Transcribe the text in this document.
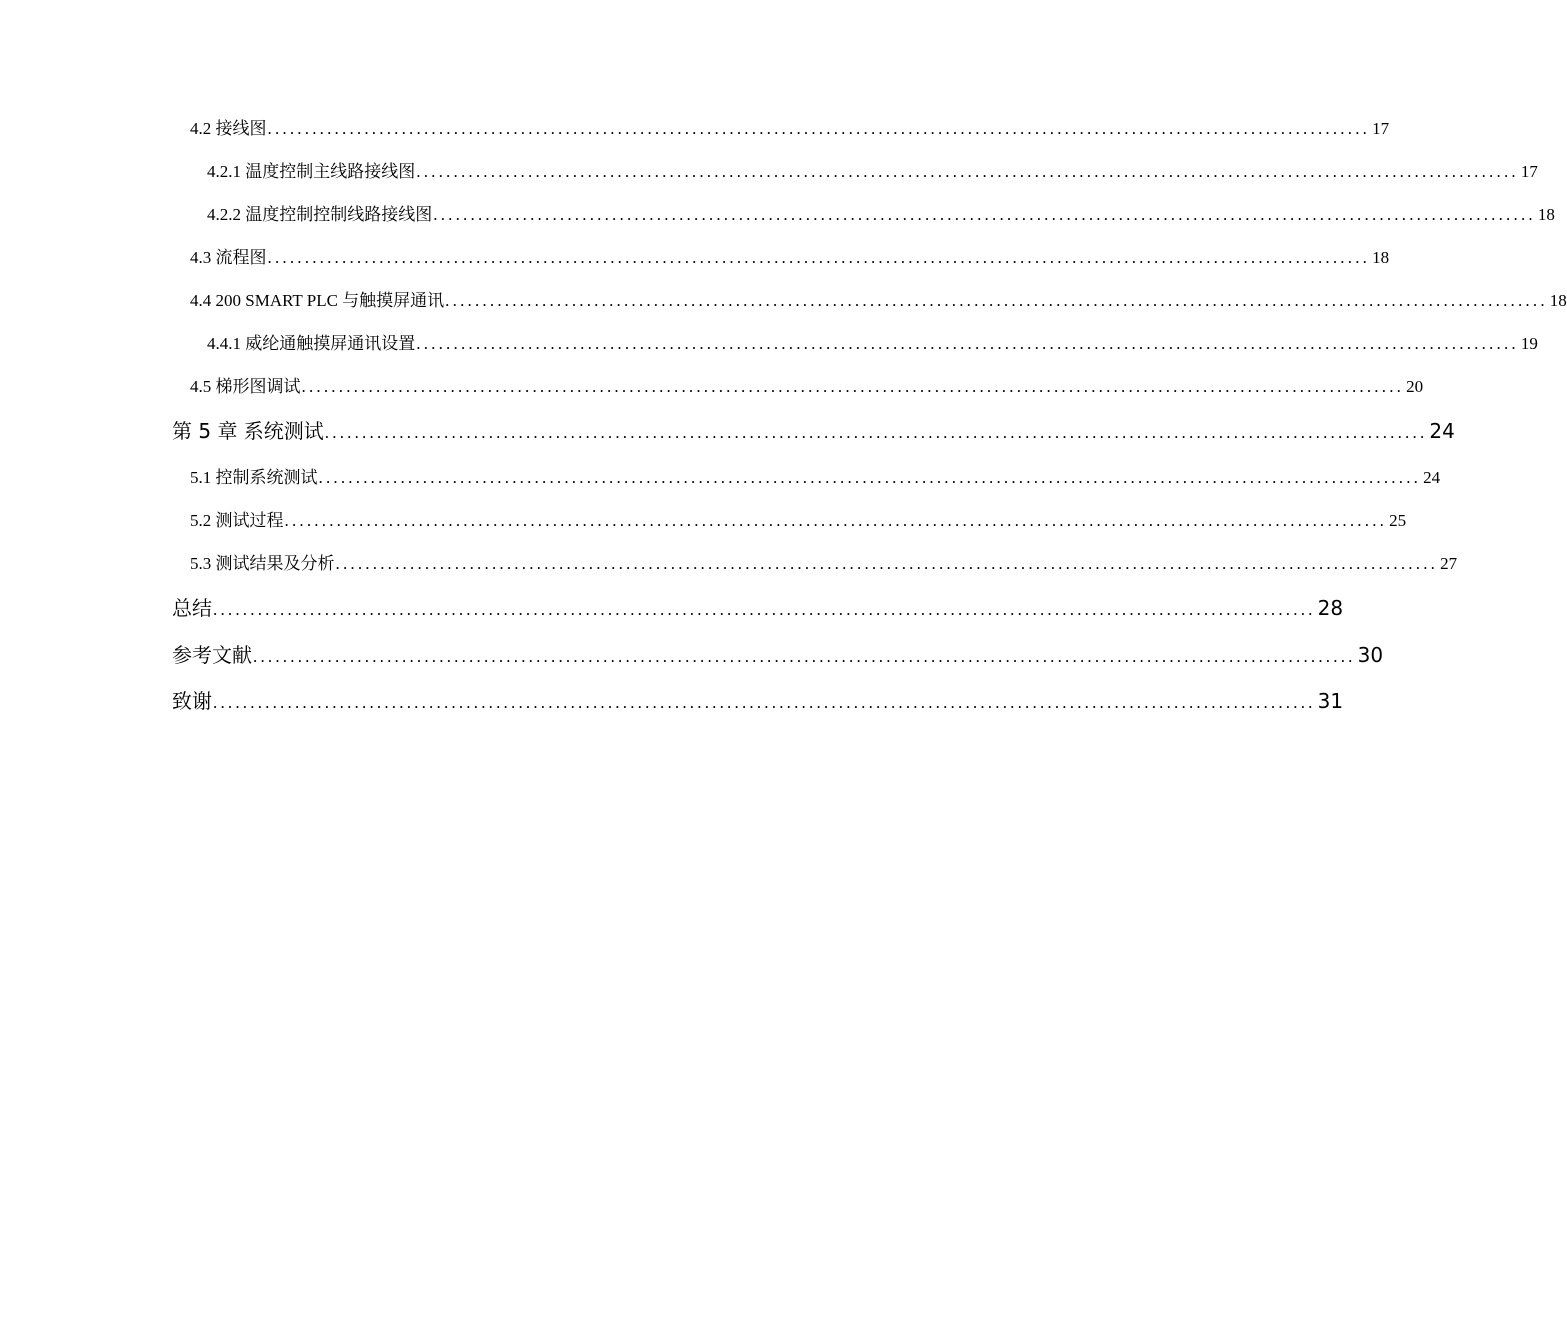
4.2 接线图 .................................................................................................................................................... 17
4.2.1 温度控制主线路接线图 .................................................................................................................................................... 17
4.2.2 温度控制控制线路接线图 .................................................................................................................................................... 18
4.3 流程图 .................................................................................................................................................... 18
4.4 200 SMART PLC 与触摸屏通讯 .................................................................................................................................................... 18
4.4.1 威纶通触摸屏通讯设置 .................................................................................................................................................... 19
4.5 梯形图调试 .................................................................................................................................................... 20
第 5 章 系统测试 .................................................................................................................................................... 24
5.1 控制系统测试 .................................................................................................................................................... 24
5.2 测试过程 .................................................................................................................................................... 25
5.3 测试结果及分析 .................................................................................................................................................... 27
总结 .................................................................................................................................................... 28
参考文献 .................................................................................................................................................... 30
致谢 .................................................................................................................................................... 31
